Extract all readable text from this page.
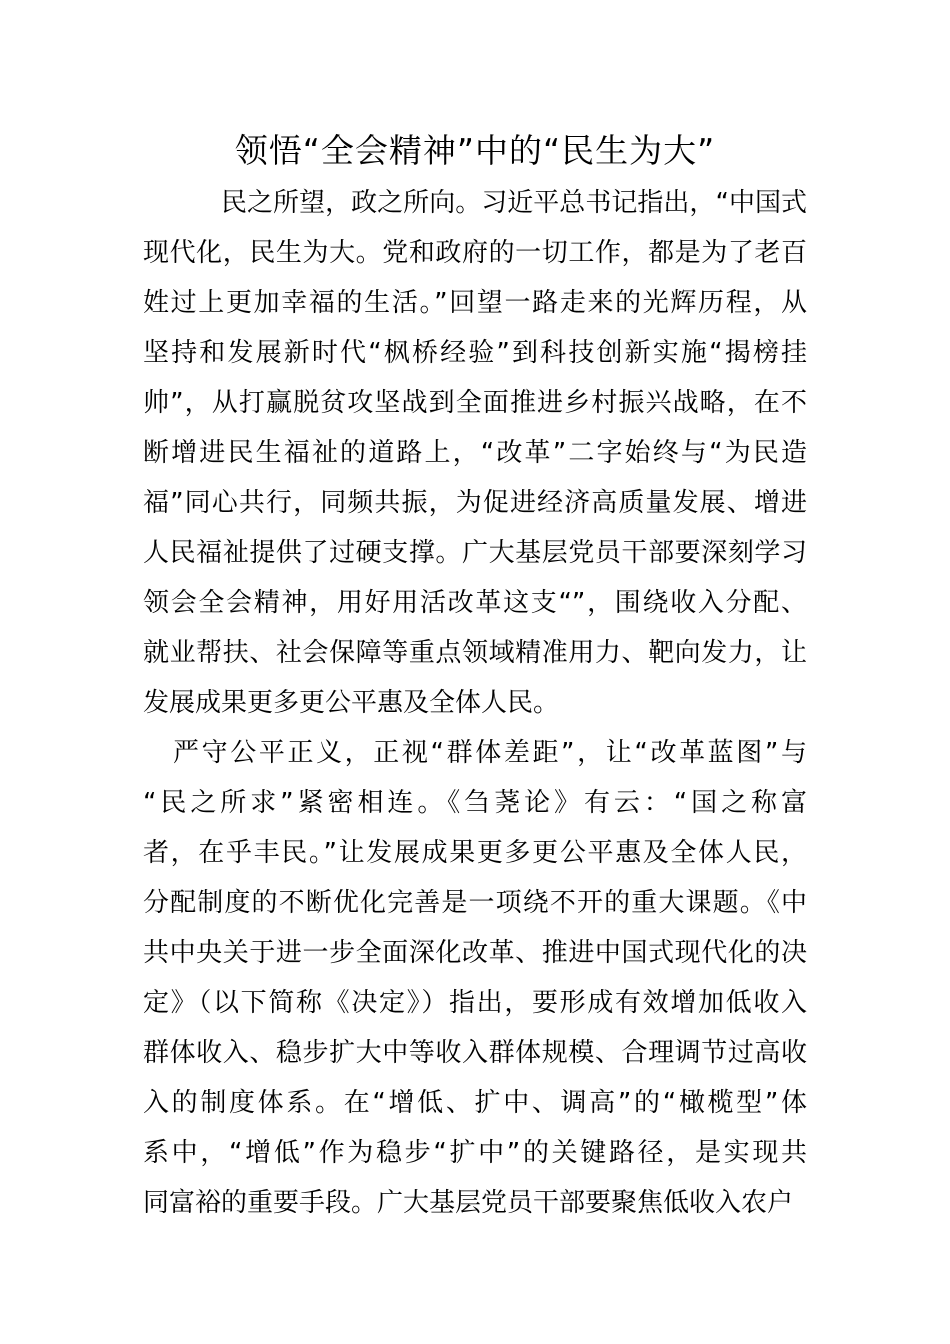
领悟“全会精神”中的“民生为大”
民之所望，政之所向。习近平总书记指出，“中国式
现代化，民生为大。党和政府的一切工作，都是为了老百
姓过上更加幸福的生活。”回望一路走来的光辉历程，从
坚持和发展新时代“枫桥经验”到科技创新实施“揭榜挂
帅”，从打赢脱贫攻坚战到全面推进乡村振兴战略，在不
断增进民生福祉的道路上，“改革”二字始终与“为民造
福”同心共行，同频共振，为促进经济高质量发展、增进
人民福祉提供了过硬支撑。广大基层党员干部要深刻学习
领会全会精神，用好用活改革这支“”，围绕收入分配、
就业帮扶、社会保障等重点领域精准用力、靶向发力，让
发展成果更多更公平惠及全体人民。
严守公平正义，正视“群体差距”，让“改革蓝图”与
“民之所求”紧密相连。《刍荛论》有云：“国之称富
者，在乎丰民。”让发展成果更多更公平惠及全体人民，
分配制度的不断优化完善是一项绕不开的重大课题。《中
共中央关于进一步全面深化改革、推进中国式现代化的决
定》（以下简称《决定》）指出，要形成有效增加低收入
群体收入、稳步扩大中等收入群体规模、合理调节过高收
入的制度体系。在“增低、扩中、调高”的“橄榄型”体
系中，“增低”作为稳步“扩中”的关键路径，是实现共
同富裕的重要手段。广大基层党员干部要聚焦低收入农户
